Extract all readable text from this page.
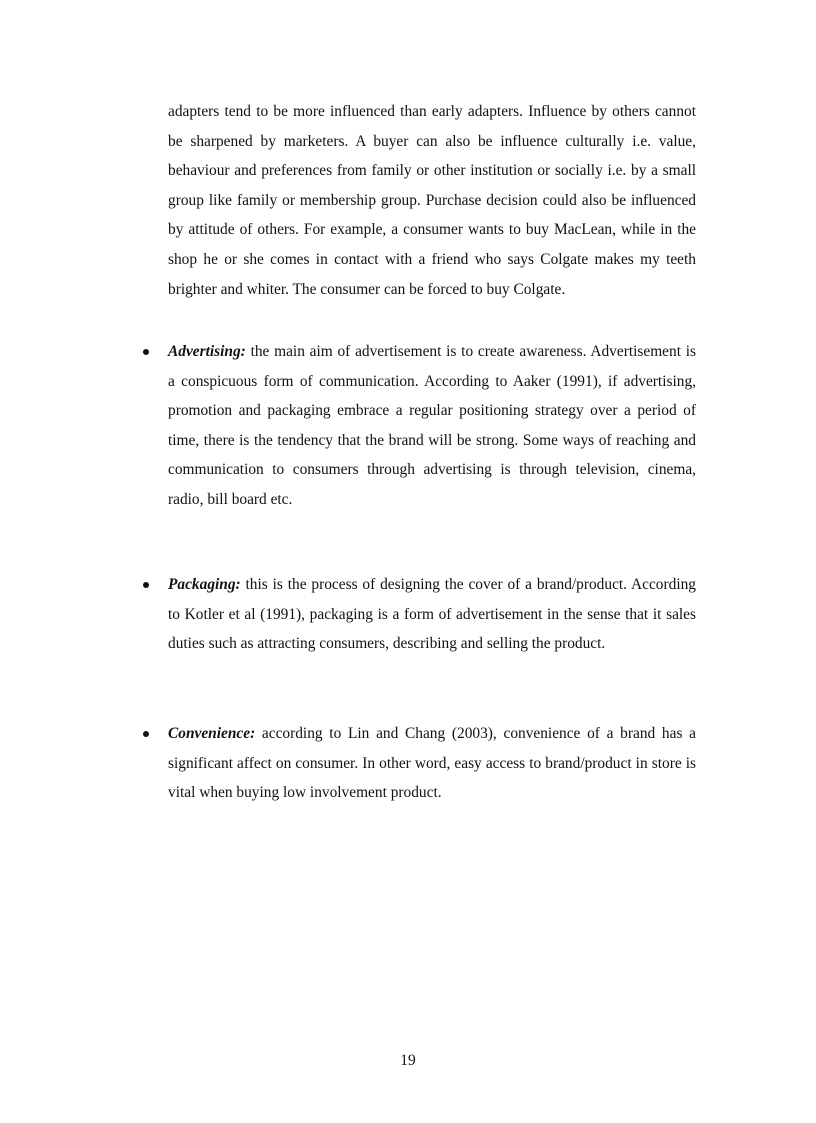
adapters tend to be more influenced than early adapters. Influence by others cannot be sharpened by marketers. A buyer can also be influence culturally i.e. value, behaviour and preferences from family or other institution or socially i.e. by a small group like family or membership group. Purchase decision could also be influenced by attitude of others. For example, a consumer wants to buy MacLean, while in the shop he or she comes in contact with a friend who says Colgate makes my teeth brighter and whiter. The consumer can be forced to buy Colgate.

Advertising: the main aim of advertisement is to create awareness. Advertisement is a conspicuous form of communication. According to Aaker (1991), if advertising, promotion and packaging embrace a regular positioning strategy over a period of time, there is the tendency that the brand will be strong. Some ways of reaching and communication to consumers through advertising is through television, cinema, radio, bill board etc.

Packaging: this is the process of designing the cover of a brand/product. According to Kotler et al (1991), packaging is a form of advertisement in the sense that it sales duties such as attracting consumers, describing and selling the product.

Convenience: according to Lin and Chang (2003), convenience of a brand has a significant affect on consumer. In other word, easy access to brand/product in store is vital when buying low involvement product.

19
